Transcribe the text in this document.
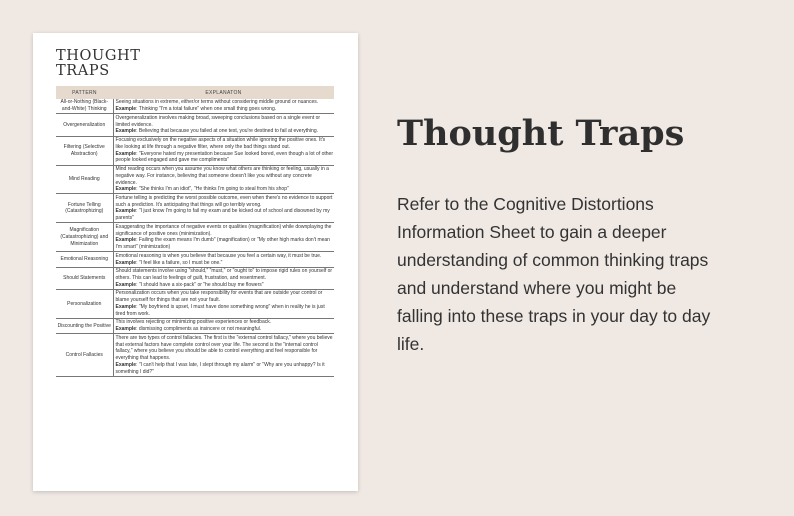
THOUGHT TRAPS
PATTERN	EXPLANATON
All-or-Nothing (Black-and-White) Thinking	Seeing situations in extreme, either/or terms without considering middle ground or nuances.
Example: Thinking "I'm a total failure" when one small thing goes wrong.
Overgeneralization	Overgeneralization involves making broad, sweeping conclusions based on a single event or limited evidence.
Example: Believing that because you failed at one test, you're destined to fail at everything.
Filtering (Selective Abstraction)	Focusing exclusively on the negative aspects of a situation while ignoring the positive ones. It's like looking at life through a negative filter, where only the bad things stand out.
Example: "Everyone hated my presentation because Sue looked bored, even though a lot of other people looked engaged and gave me compliments"
Mind Reading	Mind reading occurs when you assume you know what others are thinking or feeling, usually in a negative way. For instance, believing that someone doesn't like you without any concrete evidence.
Example: "She thinks I'm an idiot", "He thinks I'm going to steal from his shop"
Fortune Telling (Catastrophizing)	Fortune telling is predicting the worst possible outcome, even when there's no evidence to support such a prediction. It's anticipating that things will go terribly wrong.
Example: "I just know I'm going to fail my exam and be kicked out of school and disowned by my parents"
Magnification (Catastrophizing) and Minimization	Exaggerating the importance of negative events or qualities (magnification) while downplaying the significance of positive ones (minimization).
Example: Failing the exam means I'm dumb" (magnification) or "My other high marks don't mean I'm smart" (minimization)
Emotional Reasoning	Emotional reasoning is when you believe that because you feel a certain way, it must be true.
Example: "I feel like a failure, so I must be one."
Should Statements	Should statements involve using "should," "must," or "ought to" to impose rigid rules on yourself or others. This can lead to feelings of guilt, frustration, and resentment.
Example: "I should have a six-pack" or "he should buy me flowers"
Personalization	Personalization occurs when you take responsibility for events that are outside your control or blame yourself for things that are not your fault.
Example: "My boyfriend is upset, I must have done something wrong" when in reality he is just tired from work.
Discounting the Positive	This involves rejecting or minimizing positive experiences or feedback.
Example: dismissing compliments as insincere or not meaningful.
Control Fallacies	There are two types of control fallacies. The first is the "external control fallacy," where you believe that external factors have complete control over your life. The second is the "internal control fallacy," where you believe you should be able to control everything and feel responsible for everything that happens.
Example: "I can't help that I was late, I slept through my alarm" or "Why are you unhappy? Is it something I did?"
Thought Traps
Refer to the Cognitive Distortions Information Sheet to gain a deeper understanding of common thinking traps and understand where you might be falling into these traps in your day to day life.
